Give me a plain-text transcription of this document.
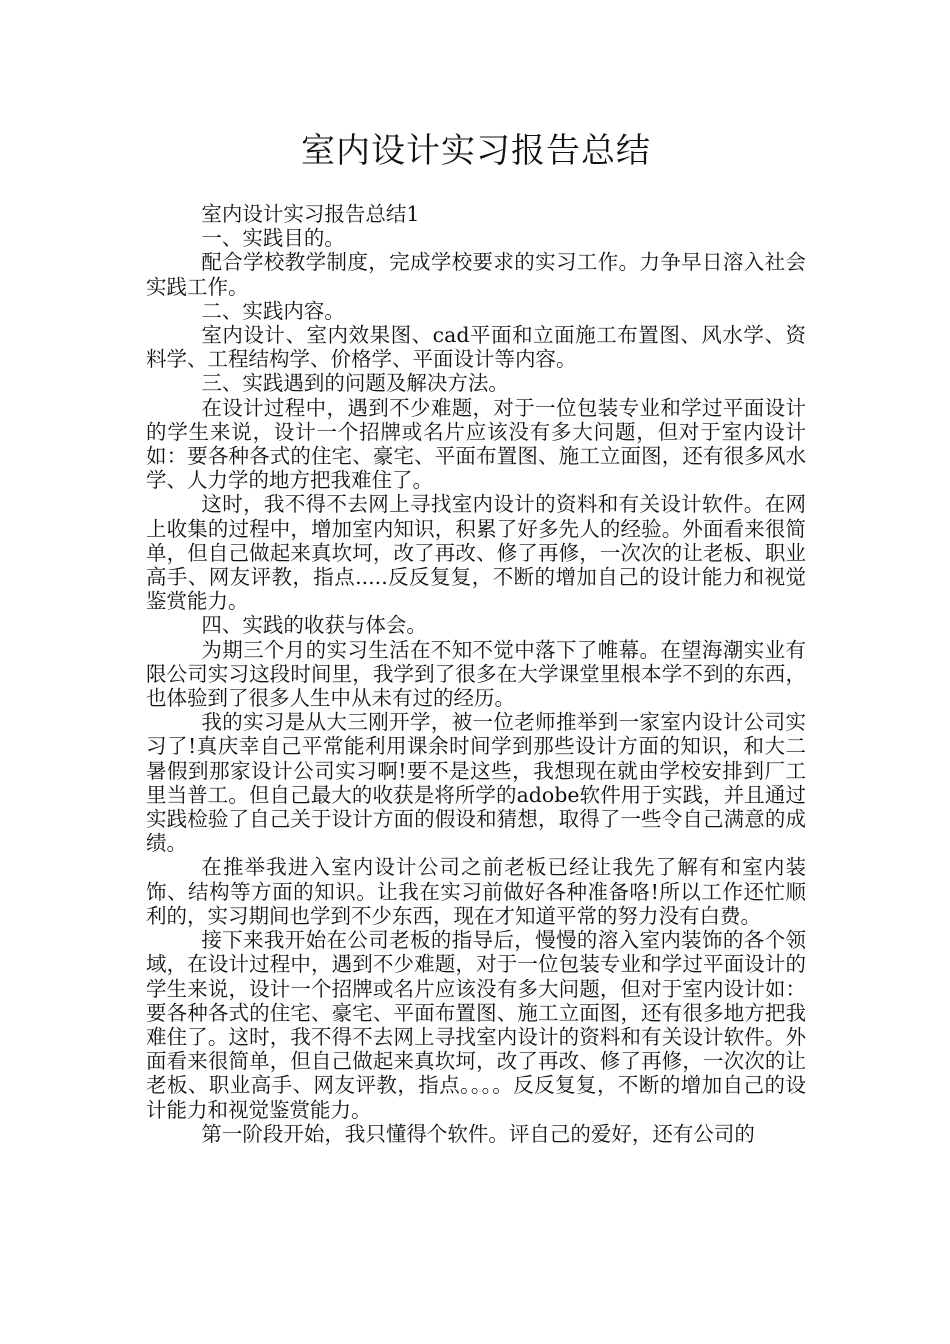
室内设计实习报告总结

室内设计实习报告总结1

一、实践目的。

配合学校教学制度，完成学校要求的实习工作。力争早日溶入社会实践工作。

二、实践内容。

室内设计、室内效果图、cad平面和立面施工布置图、风水学、资料学、工程结构学、价格学、平面设计等内容。

三、实践遇到的问题及解决方法。

在设计过程中，遇到不少难题，对于一位包装专业和学过平面设计的学生来说，设计一个招牌或名片应该没有多大问题，但对于室内设计如：要各种各式的住宅、豪宅、平面布置图、施工立面图，还有很多风水学、人力学的地方把我难住了。

这时，我不得不去网上寻找室内设计的资料和有关设计软件。在网上收集的过程中，增加室内知识，积累了好多先人的经验。外面看来很简单，但自己做起来真坎坷，改了再改、修了再修，一次次的让老板、职业高手、网友评教，指点.....反反复复，不断的增加自己的设计能力和视觉鉴赏能力。

四、实践的收获与体会。

为期三个月的实习生活在不知不觉中落下了帷幕。在望海潮实业有限公司实习这段时间里，我学到了很多在大学课堂里根本学不到的东西，也体验到了很多人生中从未有过的经历。

我的实习是从大三刚开学，被一位老师推举到一家室内设计公司实习了!真庆幸自己平常能利用课余时间学到那些设计方面的知识，和大二暑假到那家设计公司实习啊!要不是这些，我想现在就由学校安排到厂工里当普工。但自己最大的收获是将所学的adobe软件用于实践，并且通过实践检验了自己关于设计方面的假设和猜想，取得了一些令自己满意的成绩。

在推举我进入室内设计公司之前老板已经让我先了解有和室内装饰、结构等方面的知识。让我在实习前做好各种准备咯!所以工作还忙顺利的，实习期间也学到不少东西，现在才知道平常的努力没有白费。

接下来我开始在公司老板的指导后，慢慢的溶入室内装饰的各个领域，在设计过程中，遇到不少难题，对于一位包装专业和学过平面设计的学生来说，设计一个招牌或名片应该没有多大问题，但对于室内设计如：要各种各式的住宅、豪宅、平面布置图、施工立面图，还有很多地方把我难住了。这时，我不得不去网上寻找室内设计的资料和有关设计软件。外面看来很简单，但自己做起来真坎坷，改了再改、修了再修，一次次的让老板、职业高手、网友评教，指点。。。。反反复复，不断的增加自己的设计能力和视觉鉴赏能力。

第一阶段开始，我只懂得个软件。评自己的爱好，还有公司的
